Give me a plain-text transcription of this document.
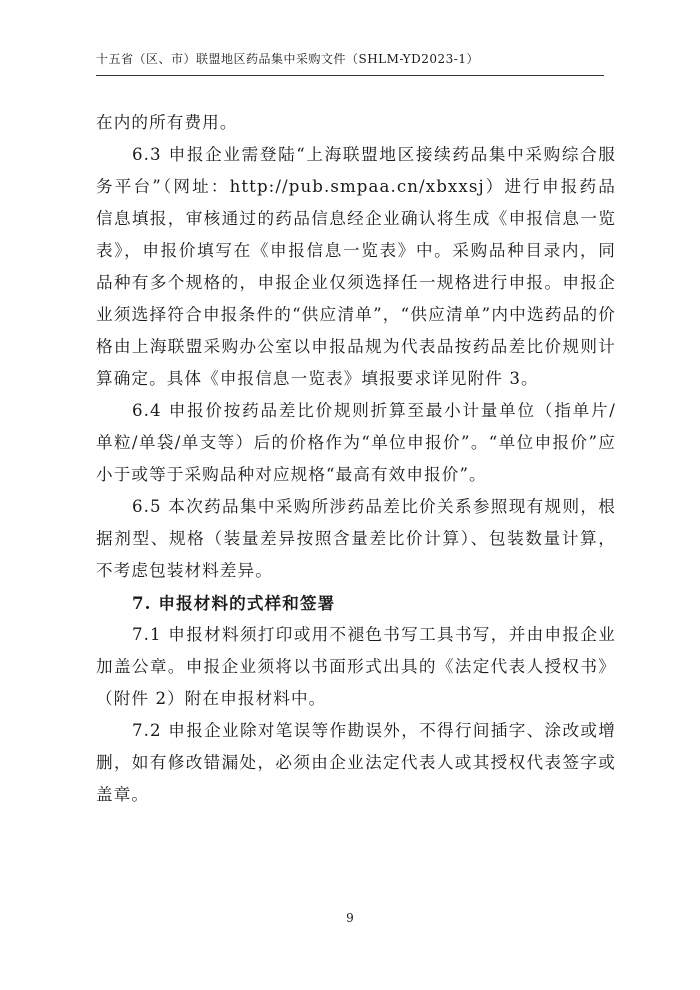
十五省（区、市）联盟地区药品集中采购文件（SHLM-YD2023-1）

在内的所有费用。

6.3 申报企业需登陆“上海联盟地区接续药品集中采购综合服务平台”（网址：http://pub.smpaa.cn/xbxxsj）进行申报药品信息填报，审核通过的药品信息经企业确认将生成《申报信息一览表》，申报价填写在《申报信息一览表》中。采购品种目录内，同品种有多个规格的，申报企业仅须选择任一规格进行申报。申报企业须选择符合申报条件的“供应清单”，“供应清单”内中选药品的价格由上海联盟采购办公室以申报品规为代表品按药品差比价规则计算确定。具体《申报信息一览表》填报要求详见附件 3。

6.4 申报价按药品差比价规则折算至最小计量单位（指单片/单粒/单袋/单支等）后的价格作为“单位申报价”。“单位申报价”应小于或等于采购品种对应规格“最高有效申报价”。

6.5 本次药品集中采购所涉药品差比价关系参照现有规则，根据剂型、规格（装量差异按照含量差比价计算）、包装数量计算，不考虑包装材料差异。

7. 申报材料的式样和签署

7.1 申报材料须打印或用不褪色书写工具书写，并由申报企业加盖公章。申报企业须将以书面形式出具的《法定代表人授权书》（附件 2）附在申报材料中。

7.2 申报企业除对笔误等作勘误外，不得行间插字、涂改或增删，如有修改错漏处，必须由企业法定代表人或其授权代表签字或盖章。

9
